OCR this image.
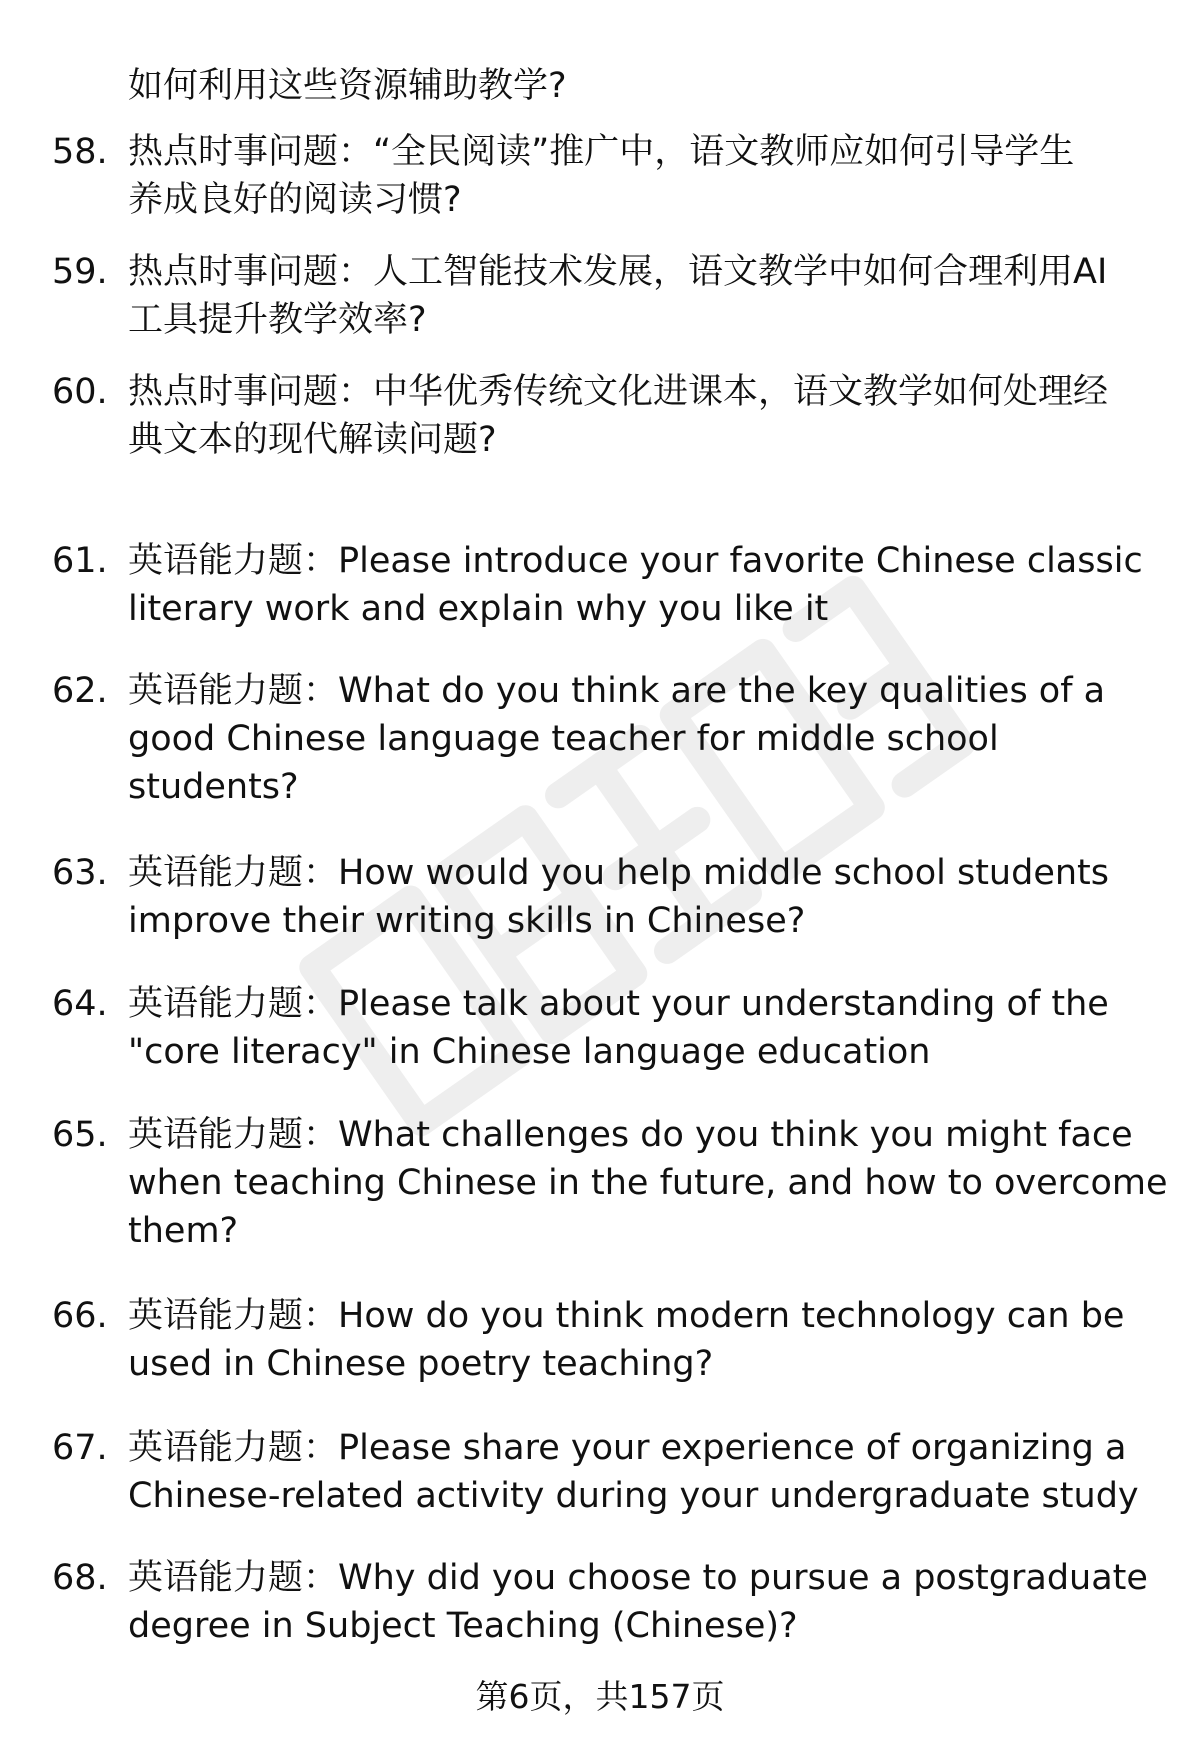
如何利用这些资源辅助教学?
58. 热点时事问题：“全民阅读”推广中，语文教师应如何引导学生
养成良好的阅读习惯?
59. 热点时事问题：人工智能技术发展，语文教学中如何合理利用AI
工具提升教学效率?
60. 热点时事问题：中华优秀传统文化进课本，语文教学如何处理经
典文本的现代解读问题?
61. 英语能力题：Please introduce your favorite Chinese classic
literary work and explain why you like it
62. 英语能力题：What do you think are the key qualities of a
good Chinese language teacher for middle school
students?
63. 英语能力题：How would you help middle school students
improve their writing skills in Chinese?
64. 英语能力题：Please talk about your understanding of the
"core literacy" in Chinese language education
65. 英语能力题：What challenges do you think you might face
when teaching Chinese in the future, and how to overcome
them?
66. 英语能力题：How do you think modern technology can be
used in Chinese poetry teaching?
67. 英语能力题：Please share your experience of organizing a
Chinese-related activity during your undergraduate study
68. 英语能力题：Why did you choose to pursue a postgraduate
degree in Subject Teaching (Chinese)?
第6页，共157页
